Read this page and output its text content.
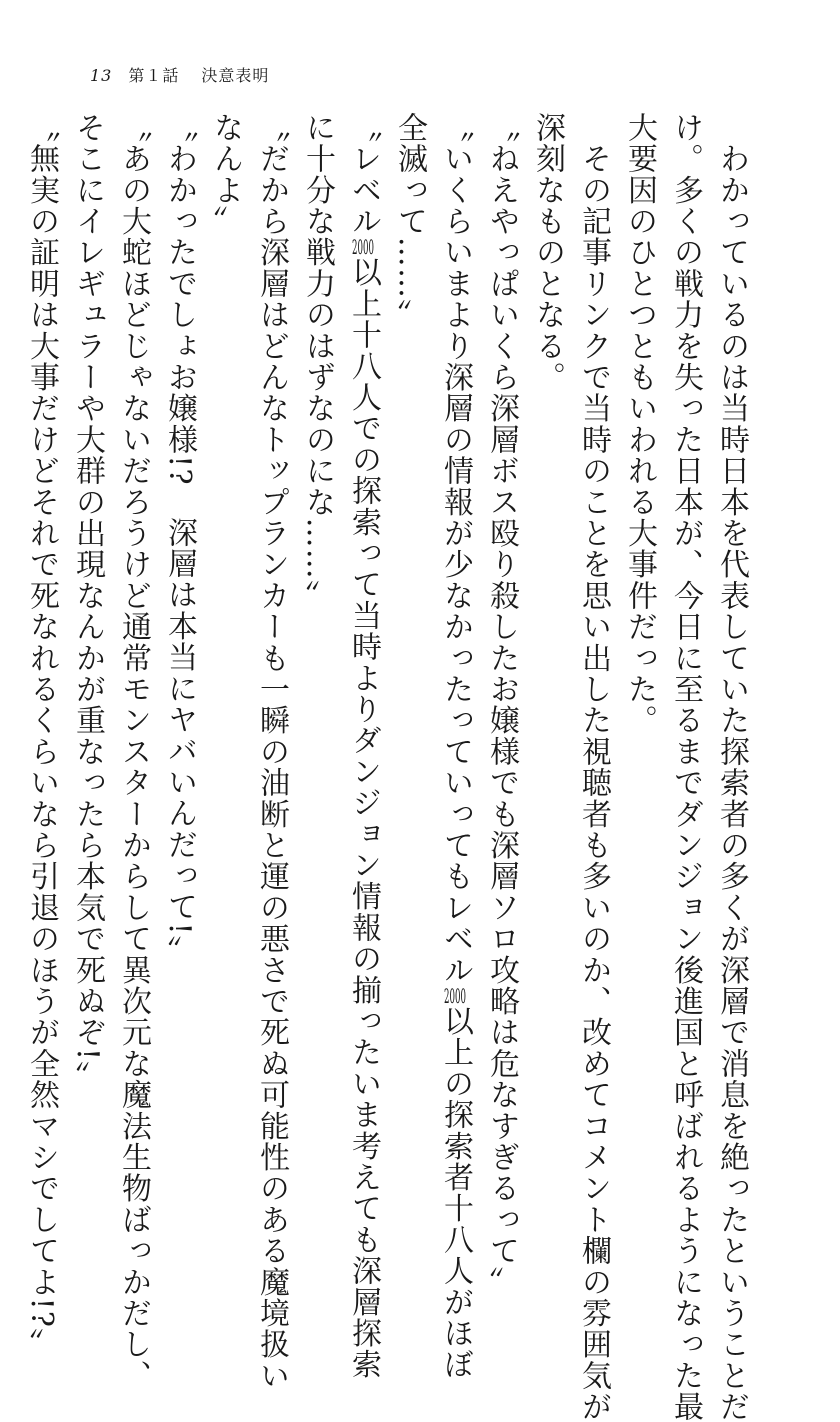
13 第１話 決意表明
　わかっているのは当時日本を代表していた探索者の多くが深層で消息を絶ったということだ
け。多くの戦力を失った日本が、今日に至るまでダンジョン後進国と呼ばれるようになった最
大要因のひとつともいわれる大事件だった。
　その記事リンクで当時のことを思い出した視聴者も多いのか、改めてコメント欄の雰囲気が
深刻なものとなる。
〝ねえやっぱいくら深層ボス殴り殺したお嬢様でも深層ソロ攻略は危なすぎるって〟
〝いくらいまより深層の情報が少なかったっていってもレベル2000以上の探索者十八人がほぼ
全滅って……〟
〝レベル2000以上十八人での探索って当時よりダンジョン情報の揃ったいま考えても深層探索
に十分な戦力のはずなのにな……〟
〝だから深層はどんなトップランカーも一瞬の油断と運の悪さで死ぬ可能性のある魔境扱い
なんよ〟
〝わかったでしょお嬢様!?　深層は本当にヤバいんだって!〟
〝あの大蛇ほどじゃないだろうけど通常モンスターからして異次元な魔法生物ばっかだし、
そこにイレギュラーや大群の出現なんかが重なったら本気で死ぬぞ!〟
〝無実の証明は大事だけどそれで死なれるくらいなら引退のほうが全然マシでしてよ!?〟
